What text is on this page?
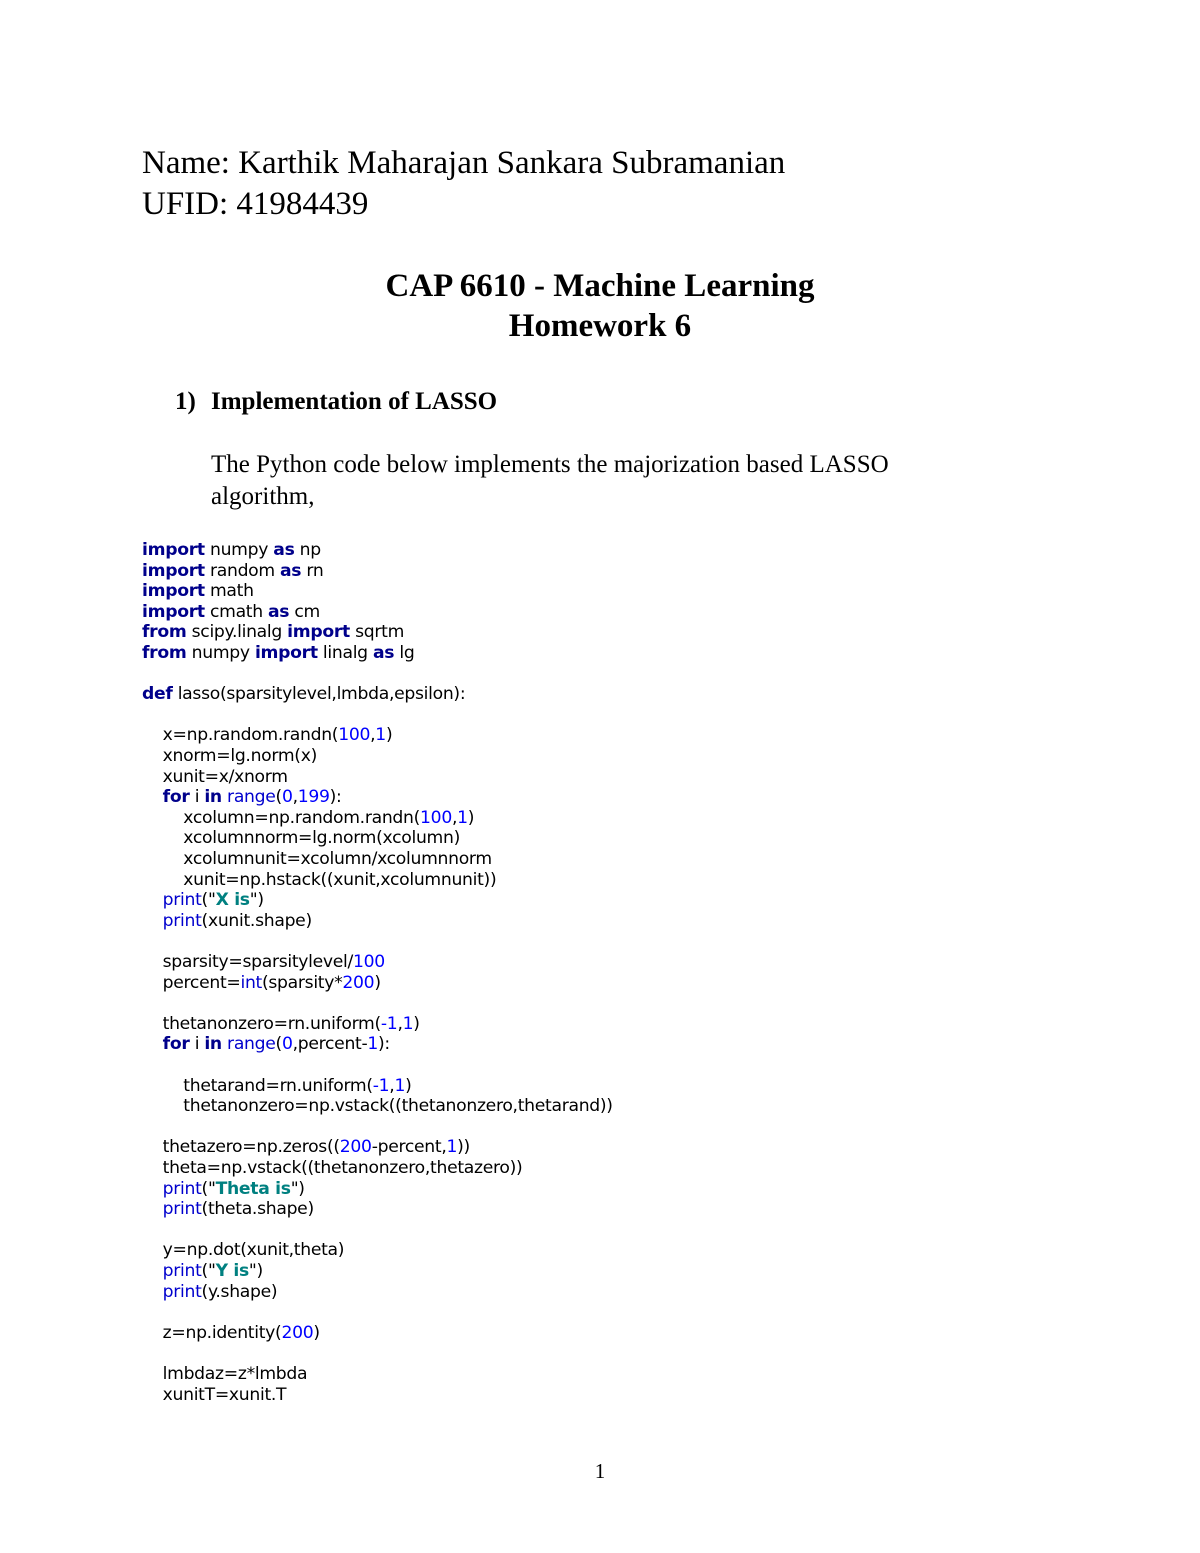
Name: Karthik Maharajan Sankara Subramanian
UFID: 41984439
CAP 6610 - Machine Learning
Homework 6
1) Implementation of LASSO
The Python code below implements the majorization based LASSO algorithm,
import numpy as np
import random as rn
import math
import cmath as cm
from scipy.linalg import sqrtm
from numpy import linalg as lg
def lasso(sparsitylevel,lmbda,epsilon):
x=np.random.randn(100,1)
xnorm=lg.norm(x)
xunit=x/xnorm
for i in range(0,199):
xcolumn=np.random.randn(100,1)
xcolumnnorm=lg.norm(xcolumn)
xcolumnunit=xcolumn/xcolumnnorm
xunit=np.hstack((xunit,xcolumnunit))
print("X is")
print(xunit.shape)
sparsity=sparsitylevel/100
percent=int(sparsity*200)
thetanonzero=rn.uniform(-1,1)
for i in range(0,percent-1):
thetarand=rn.uniform(-1,1)
thetanonzero=np.vstack((thetanonzero,thetarand))
thetazero=np.zeros((200-percent,1))
theta=np.vstack((thetanonzero,thetazero))
print("Theta is")
print(theta.shape)
y=np.dot(xunit,theta)
print("Y is")
print(y.shape)
z=np.identity(200)
lmbdaz=z*lmbda
xunitT=xunit.T
1
